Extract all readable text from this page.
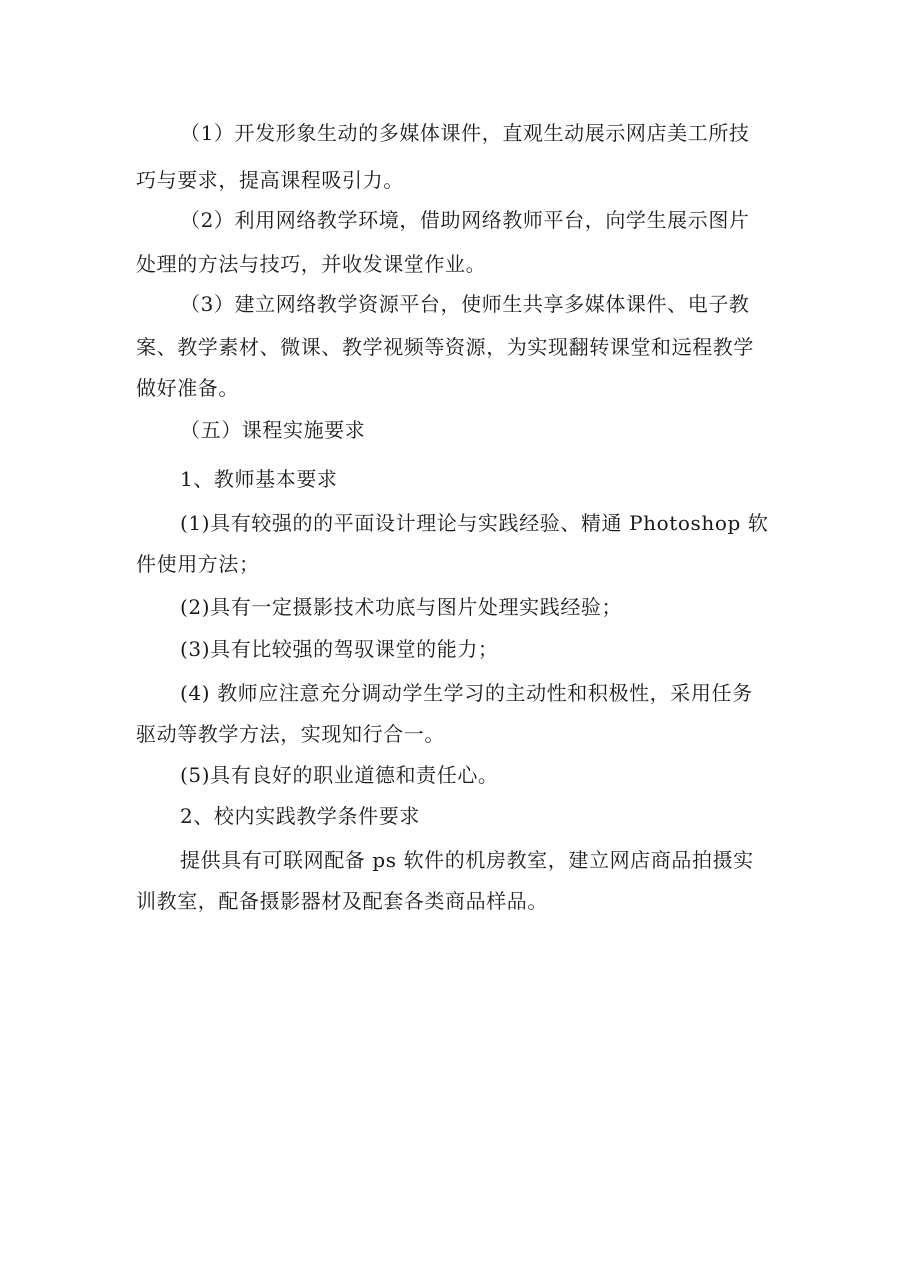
（1）开发形象生动的多媒体课件，直观生动展示网店美工所技
巧与要求，提高课程吸引力。
（2）利用网络教学环境，借助网络教师平台，向学生展示图片
处理的方法与技巧，并收发课堂作业。
（3）建立网络教学资源平台，使师生共享多媒体课件、电子教
案、教学素材、微课、教学视频等资源，为实现翻转课堂和远程教学
做好准备。
（五）课程实施要求
1、教师基本要求
(1)具有较强的的平面设计理论与实践经验、精通 Photoshop 软
件使用方法；
(2)具有一定摄影技术功底与图片处理实践经验；
(3)具有比较强的驾驭课堂的能力；
(4) 教师应注意充分调动学生学习的主动性和积极性，采用任务
驱动等教学方法，实现知行合一。
(5)具有良好的职业道德和责任心。
2、校内实践教学条件要求
提供具有可联网配备 ps 软件的机房教室，建立网店商品拍摄实
训教室，配备摄影器材及配套各类商品样品。
